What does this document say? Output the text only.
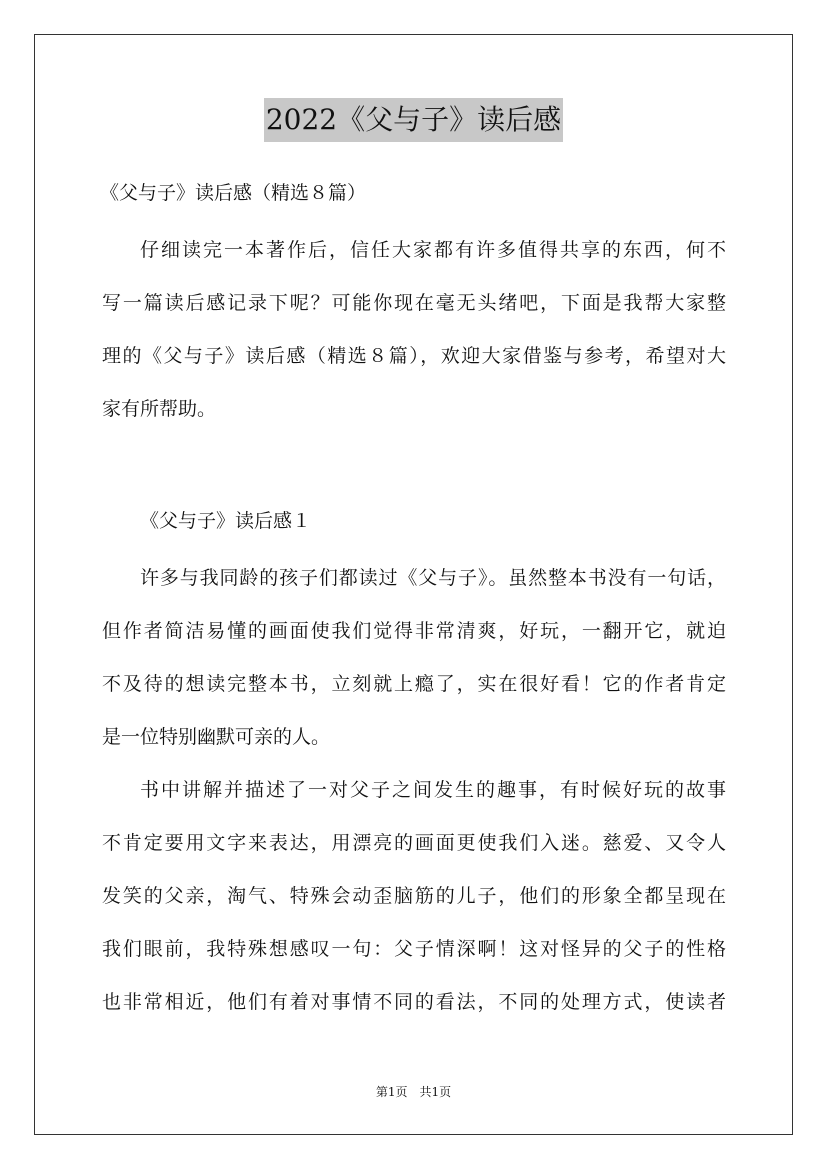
2022《父与子》读后感
《父与子》读后感（精选８篇）
仔细读完一本著作后，信任大家都有许多值得共享的东西，何不
写一篇读后感记录下呢？可能你现在毫无头绪吧，下面是我帮大家整
理的《父与子》读后感（精选８篇），欢迎大家借鉴与参考，希望对大
家有所帮助。
《父与子》读后感１
许多与我同龄的孩子们都读过《父与子》。虽然整本书没有一句话，
但作者简洁易懂的画面使我们觉得非常清爽，好玩，一翻开它，就迫
不及待的想读完整本书，立刻就上瘾了，实在很好看！它的作者肯定
是一位特别幽默可亲的人。
书中讲解并描述了一对父子之间发生的趣事，有时候好玩的故事
不肯定要用文字来表达，用漂亮的画面更使我们入迷。慈爱、又令人
发笑的父亲，淘气、特殊会动歪脑筋的儿子，他们的形象全都呈现在
我们眼前，我特殊想感叹一句：父子情深啊！这对怪异的父子的性格
也非常相近，他们有着对事情不同的看法，不同的处理方式，使读者
第1页　共1页
